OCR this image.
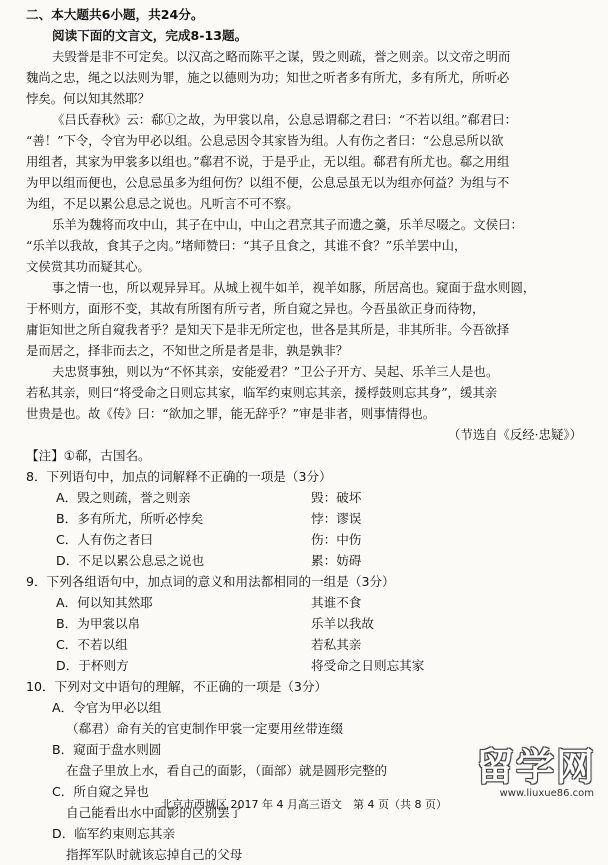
二、本大题共6小题，共24分。
阅读下面的文言文，完成8-13题。
夫毁誉是非不可定矣。以汉高之略而陈平之谋，毁之则疏，誉之则亲。以文帝之明而
魏尚之忠，绳之以法则为罪，施之以德则为功；知世之听者多有所尤，多有所尤，所听必
悖矣。何以知其然耶？
《吕氏春秋》云：郗①之故，为甲裳以帛，公息忌谓郗之君曰：“不若以组。”郗君曰：
“善！”下令，令官为甲必以组。公息忌因令其家皆为组。人有伤之者曰：“公息忌所以欲
用组者，其家为甲裳多以组也。”郗君不说，于是乎止，无以组。郗君有所尤也。郗之用组
为甲以组而便也，公息忌虽多为组何伤？以组不便，公息忌虽无以为组亦何益？为组与不
为组，不足以累公息忌之说也。凡听言不可不察。
乐羊为魏将而攻中山，其子在中山，中山之君烹其子而遗之羹，乐羊尽啜之。文侯曰：
“乐羊以我故，食其子之肉。”堵师赞曰：“其子且食之，其谁不食？”乐羊罢中山，
文侯赏其功而疑其心。
事之情一也，所以观异异耳。从城上视牛如羊，视羊如豚，所居高也。窥面于盘水则圆，
于杯则方，面形不变，其故有所图有所亏者，所自窥之异也。今吾虽欲正身而待物，
庸讵知世之所自窥我者乎？是知天下是非无所定也，世各是其所是，非其所非。今吾欲择
是而居之，择非而去之，不知世之所是者是非，孰是孰非？
夫忠贤事独，则以为“不怀其亲，安能爱君？”卫公子开方、吴起、乐羊三人是也。
若私其亲，则曰“将受命之日则忘其家，临军约束则忘其亲，援桴鼓则忘其身”，缓其亲
世贵是也。故《传》曰：“欲加之罪，能无辞乎？”审是非者，则事情得也。
（节选自《反经·忠疑》）
【注】①郗，古国名。
8．下列语句中，加点的词解释不正确的一项是（3分）
A．毁之则疏，誉之则亲	毁：破坏
B．多有所尤，所听必悖矣	悖：谬误
C．人有伤之者曰	伤：中伤
D．不足以累公息忌之说也	累：妨碍
9．下列各组语句中，加点词的意义和用法都相同的一组是（3分）
A．何以知其然耶	其谁不食
B．为甲裳以帛	乐羊以我故
C．不若以组	若私其亲
D．于杯则方	将受命之日则忘其家
10．下列对文中语句的理解，不正确的一项是（3分）
A．令官为甲必以组
（郗君）命有关的官吏制作甲裳一定要用丝带连缀
B．窥面于盘水则圆
在盘子里放上水，看自己的面影，（面部）就是圆形完整的
C．所自窥之异也
自己能看出水中面影的区别罢了
D．临军约束则忘其亲
指挥军队时就该忘掉自己的父母
北京市西城区 2017 年 4 月高三语文　第 4 页（共 8 页）
留学网
www.liuxue86.com
